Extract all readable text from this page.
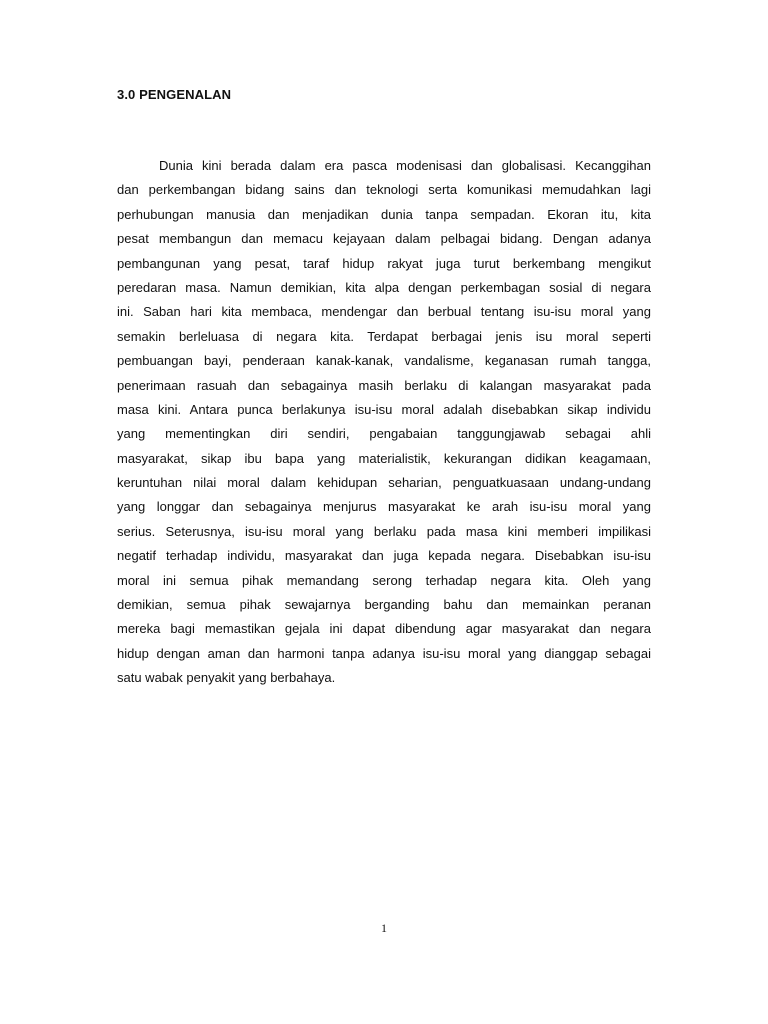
3.0 PENGENALAN
Dunia kini berada dalam era pasca modenisasi dan globalisasi. Kecanggihan
dan perkembangan bidang sains dan teknologi serta komunikasi memudahkan lagi
perhubungan manusia dan menjadikan dunia tanpa sempadan. Ekoran itu, kita
pesat membangun dan memacu kejayaan dalam pelbagai bidang. Dengan adanya
pembangunan yang pesat, taraf hidup rakyat juga turut berkembang mengikut
peredaran masa. Namun demikian, kita alpa dengan perkembagan sosial di negara
ini. Saban hari kita membaca, mendengar dan berbual tentang isu-isu moral yang
semakin berleluasa di negara kita. Terdapat berbagai jenis isu moral seperti
pembuangan bayi, penderaan kanak-kanak, vandalisme, keganasan rumah tangga,
penerimaan rasuah dan sebagainya masih berlaku di kalangan masyarakat pada
masa kini. Antara punca berlakunya isu-isu moral adalah disebabkan sikap individu
yang mementingkan diri sendiri, pengabaian tanggungjawab sebagai ahli
masyarakat, sikap ibu bapa yang materialistik, kekurangan didikan keagamaan,
keruntuhan nilai moral dalam kehidupan seharian, penguatkuasaan undang-undang
yang longgar dan sebagainya menjurus masyarakat ke arah isu-isu moral yang
serius. Seterusnya, isu-isu moral yang berlaku pada masa kini memberi impilikasi
negatif terhadap individu, masyarakat dan juga kepada negara. Disebabkan isu-isu
moral ini semua pihak memandang serong terhadap negara kita. Oleh yang
demikian, semua pihak sewajarnya berganding bahu dan memainkan peranan
mereka bagi memastikan gejala ini dapat dibendung agar masyarakat dan negara
hidup dengan aman dan harmoni tanpa adanya isu-isu moral yang dianggap sebagai
satu wabak penyakit yang berbahaya.
1
